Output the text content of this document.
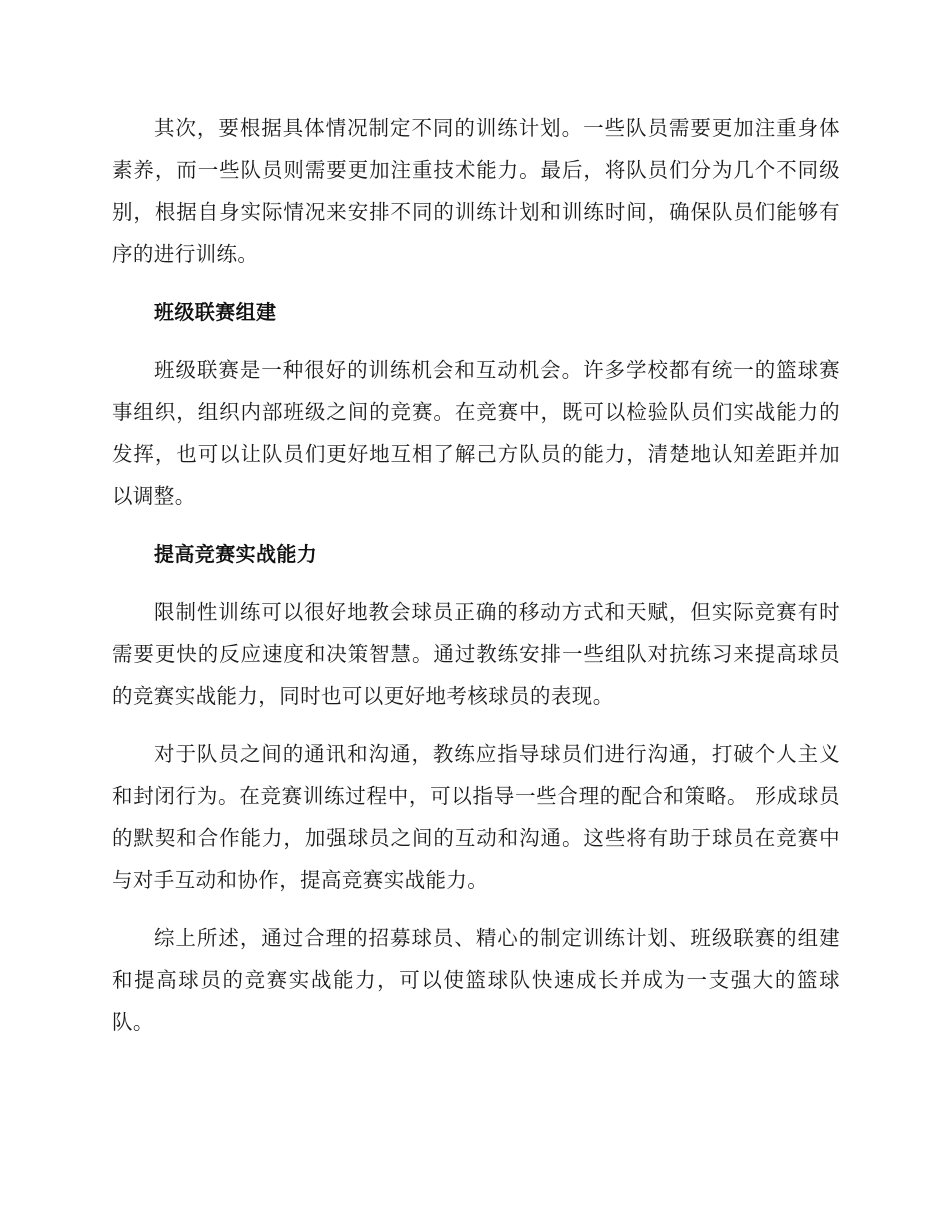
其次，要根据具体情况制定不同的训练计划。一些队员需要更加注重身体素养，而一些队员则需要更加注重技术能力。最后，将队员们分为几个不同级别，根据自身实际情况来安排不同的训练计划和训练时间，确保队员们能够有序的进行训练。

班级联赛组建

班级联赛是一种很好的训练机会和互动机会。许多学校都有统一的篮球赛事组织，组织内部班级之间的竞赛。在竞赛中，既可以检验队员们实战能力的发挥，也可以让队员们更好地互相了解己方队员的能力，清楚地认知差距并加以调整。

提高竞赛实战能力

限制性训练可以很好地教会球员正确的移动方式和天赋，但实际竞赛有时需要更快的反应速度和决策智慧。通过教练安排一些组队对抗练习来提高球员的竞赛实战能力，同时也可以更好地考核球员的表现。

对于队员之间的通讯和沟通，教练应指导球员们进行沟通，打破个人主义和封闭行为。在竞赛训练过程中，可以指导一些合理的配合和策略。 形成球员的默契和合作能力，加强球员之间的互动和沟通。这些将有助于球员在竞赛中与对手互动和协作，提高竞赛实战能力。

综上所述，通过合理的招募球员、精心的制定训练计划、班级联赛的组建和提高球员的竞赛实战能力，可以使篮球队快速成长并成为一支强大的篮球队。
